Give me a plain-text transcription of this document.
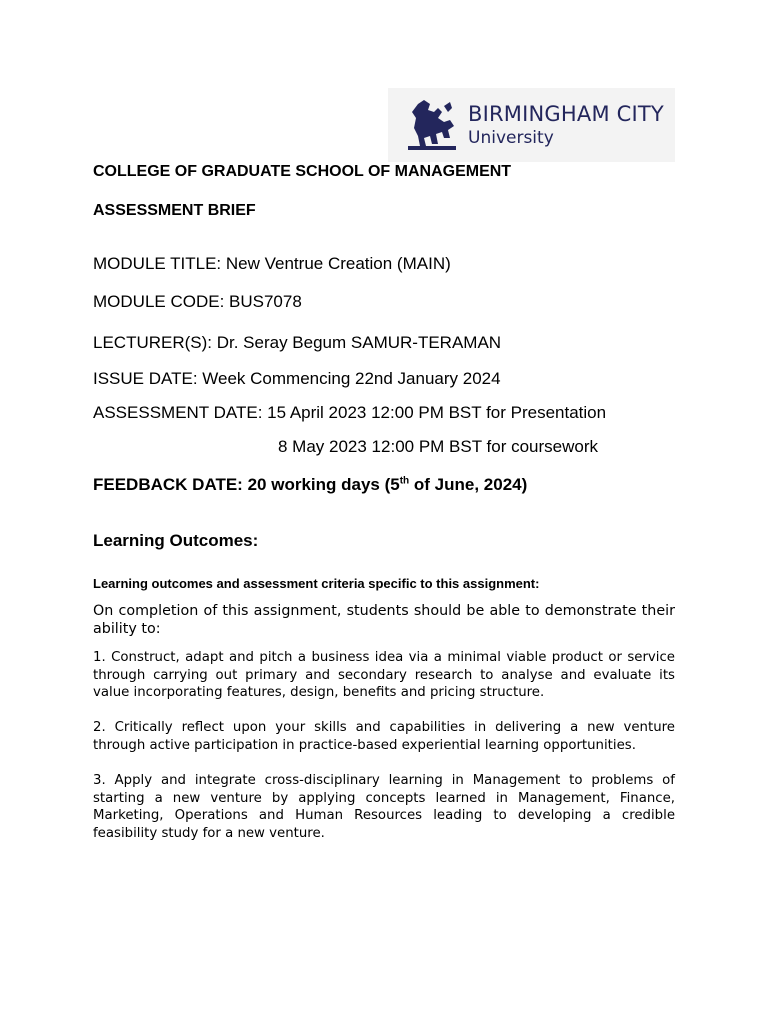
BIRMINGHAM CITY
University
COLLEGE OF GRADUATE SCHOOL OF MANAGEMENT
ASSESSMENT BRIEF
MODULE TITLE: New Ventrue Creation (MAIN)
MODULE CODE: BUS7078
LECTURER(S): Dr. Seray Begum SAMUR-TERAMAN
ISSUE DATE: Week Commencing 22nd January 2024
ASSESSMENT DATE: 15 April 2023 12:00 PM BST for Presentation
8 May 2023 12:00 PM BST for coursework
FEEDBACK DATE: 20 working days (5th of June, 2024)
Learning Outcomes:
Learning outcomes and assessment criteria specific to this assignment:
On completion of this assignment, students should be able to demonstrate their ability to:
1. Construct, adapt and pitch a business idea via a minimal viable product or service through carrying out primary and secondary research to analyse and evaluate its value incorporating features, design, benefits and pricing structure.
2. Critically reflect upon your skills and capabilities in delivering a new venture through active participation in practice-based experiential learning opportunities.
3. Apply and integrate cross-disciplinary learning in Management to problems of starting a new venture by applying concepts learned in Management, Finance, Marketing, Operations and Human Resources leading to developing a credible feasibility study for a new venture.
